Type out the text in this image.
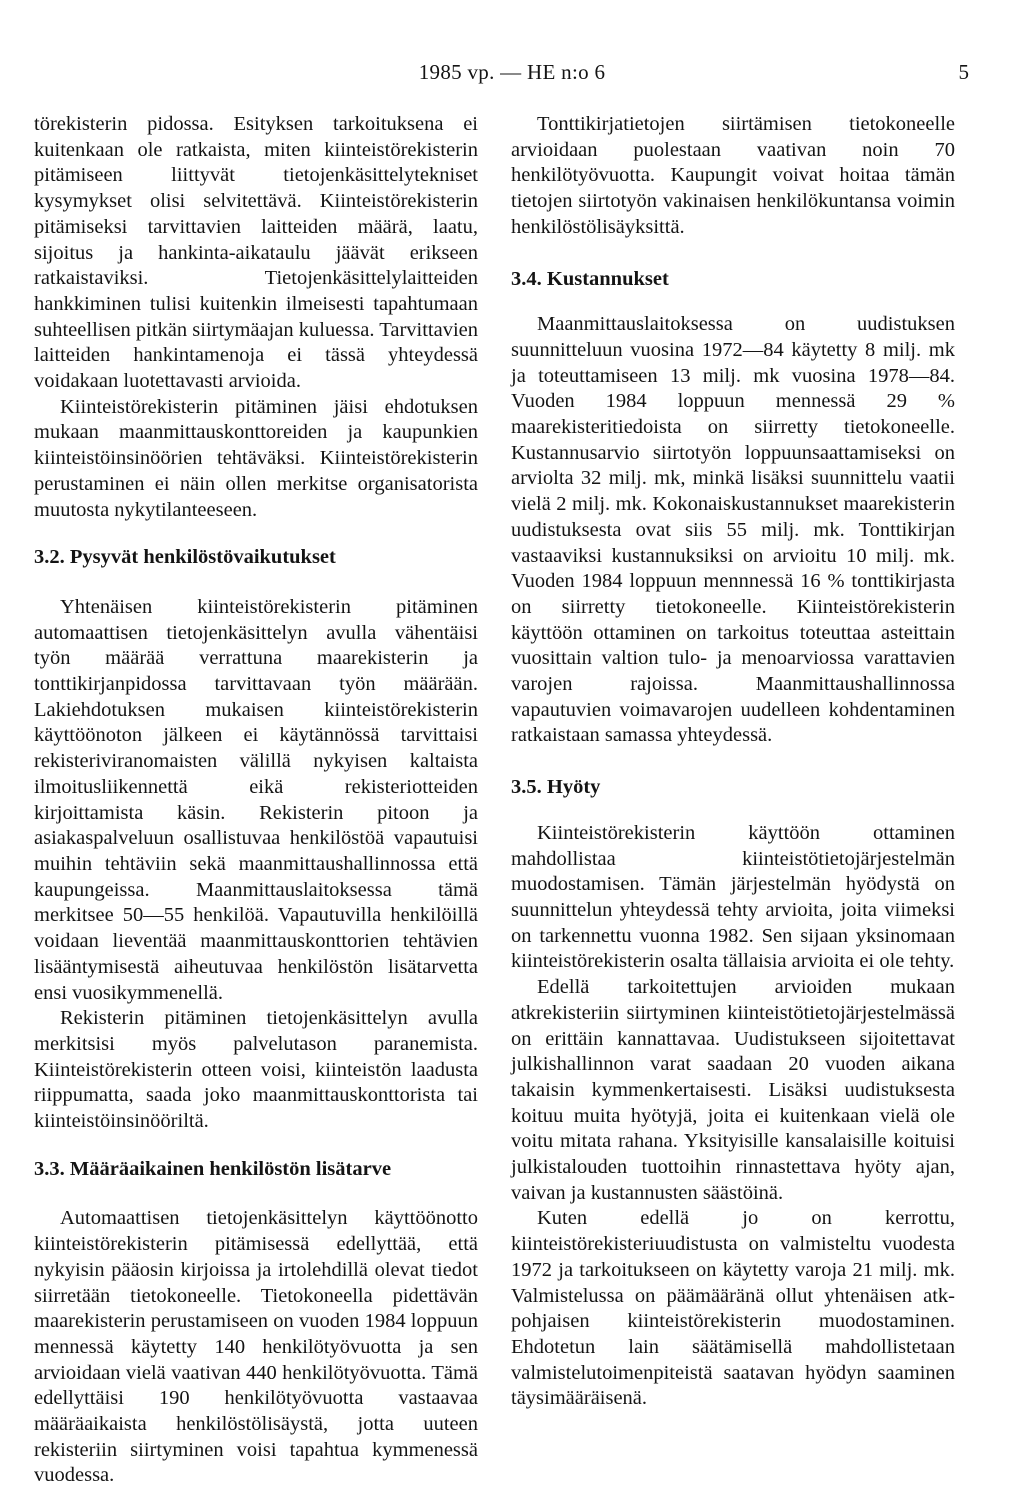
1985 vp. — HE n:o 6	5

törekisterin pidossa. Esityksen tarkoituksena ei kuitenkaan ole ratkaista, miten kiinteistörekisterin pitämiseen liittyvät tietojenkäsittelytekniset kysymykset olisi selvitettävä. Kiinteistörekisterin pitämiseksi tarvittavien laitteiden määrä, laatu, sijoitus ja hankinta-aikataulu jäävät erikseen ratkaistaviksi. Tietojenkäsittelylaitteiden hankkiminen tulisi kuitenkin ilmeisesti tapahtumaan suhteellisen pitkän siirtymäajan kuluessa. Tarvittavien laitteiden hankintamenoja ei tässä yhteydessä voidakaan luotettavasti arvioida.

Kiinteistörekisterin pitäminen jäisi ehdotuksen mukaan maanmittauskonttoreiden ja kaupunkien kiinteistöinsinöörien tehtäväksi. Kiinteistörekisterin perustaminen ei näin ollen merkitse organisatorista muutosta nykytilanteeseen.

3.2. Pysyvät henkilöstövaikutukset

Yhtenäisen kiinteistörekisterin pitäminen automaattisen tietojenkäsittelyn avulla vähentäisi työn määrää verrattuna maarekisterin ja tonttikirjanpidossa tarvittavaan työn määrään. Lakiehdotuksen mukaisen kiinteistörekisterin käyttöönoton jälkeen ei käytännössä tarvittaisi rekisteriviranomaisten välillä nykyisen kaltaista ilmoitusliikennettä eikä rekisteriotteiden kirjoittamista käsin. Rekisterin pitoon ja asiakaspalveluun osallistuvaa henkilöstöä vapautuisi muihin tehtäviin sekä maanmittaushallinnossa että kaupungeissa. Maanmittauslaitoksessa tämä merkitsee 50—55 henkilöä. Vapautuvilla henkilöillä voidaan lieventää maanmittauskonttorien tehtävien lisääntymisestä aiheutuvaa henkilöstön lisätarvetta ensi vuosikymmenellä.

Rekisterin pitäminen tietojenkäsittelyn avulla merkitsisi myös palvelutason paranemista. Kiinteistörekisterin otteen voisi, kiinteistön laadusta riippumatta, saada joko maanmittauskonttorista tai kiinteistöinsinööriltä.

3.3. Määräaikainen henkilöstön lisätarve

Automaattisen tietojenkäsittelyn käyttöönotto kiinteistörekisterin pitämisessä edellyttää, että nykyisin pääosin kirjoissa ja irtolehdillä olevat tiedot siirretään tietokoneelle. Tietokoneella pidettävän maarekisterin perustamiseen on vuoden 1984 loppuun mennessä käytetty 140 henkilötyövuotta ja sen arvioidaan vielä vaativan 440 henkilötyövuotta. Tämä edellyttäisi 190 henkilötyövuotta vastaavaa määräaikaista henkilöstölisäystä, jotta uuteen rekisteriin siirtyminen voisi tapahtua kymmenessä vuodessa.

Tonttikirjatietojen siirtämisen tietokoneelle arvioidaan puolestaan vaativan noin 70 henkilötyövuotta. Kaupungit voivat hoitaa tämän tietojen siirtotyön vakinaisen henkilökuntansa voimin henkilöstölisäyksittä.

3.4. Kustannukset

Maanmittauslaitoksessa on uudistuksen suunnitteluun vuosina 1972—84 käytetty 8 milj. mk ja toteuttamiseen 13 milj. mk vuosina 1978—84. Vuoden 1984 loppuun mennessä 29 % maarekisteritiedoista on siirretty tietokoneelle. Kustannusarvio siirtotyön loppuunsaattamiseksi on arviolta 32 milj. mk, minkä lisäksi suunnittelu vaatii vielä 2 milj. mk. Kokonaiskustannukset maarekisterin uudistuksesta ovat siis 55 milj. mk. Tonttikirjan vastaaviksi kustannuksiksi on arvioitu 10 milj. mk. Vuoden 1984 loppuun mennnessä 16 % tonttikirjasta on siirretty tietokoneelle. Kiinteistörekisterin käyttöön ottaminen on tarkoitus toteuttaa asteittain vuosittain valtion tulo- ja menoarviossa varattavien varojen rajoissa. Maanmittaushallinnossa vapautuvien voimavarojen uudelleen kohdentaminen ratkaistaan samassa yhteydessä.

3.5. Hyöty

Kiinteistörekisterin käyttöön ottaminen mahdollistaa kiinteistötietojärjestelmän muodostamisen. Tämän järjestelmän hyödystä on suunnittelun yhteydessä tehty arvioita, joita viimeksi on tarkennettu vuonna 1982. Sen sijaan yksinomaan kiinteistörekisterin osalta tällaisia arvioita ei ole tehty.

Edellä tarkoitettujen arvioiden mukaan atkrekisteriin siirtyminen kiinteistötietojärjestelmässä on erittäin kannattavaa. Uudistukseen sijoitettavat julkishallinnon varat saadaan 20 vuoden aikana takaisin kymmenkertaisesti. Lisäksi uudistuksesta koituu muita hyötyjä, joita ei kuitenkaan vielä ole voitu mitata rahana. Yksityisille kansalaisille koituisi julkistalouden tuottoihin rinnastettava hyöty ajan, vaivan ja kustannusten säästöinä.

Kuten edellä jo on kerrottu, kiinteistörekisteriuudistusta on valmisteltu vuodesta 1972 ja tarkoitukseen on käytetty varoja 21 milj. mk. Valmistelussa on päämääränä ollut yhtenäisen atk-pohjaisen kiinteistörekisterin muodostaminen. Ehdotetun lain säätämisellä mahdollistetaan valmistelutoimenpiteistä saatavan hyödyn saaminen täysimääräisenä.
